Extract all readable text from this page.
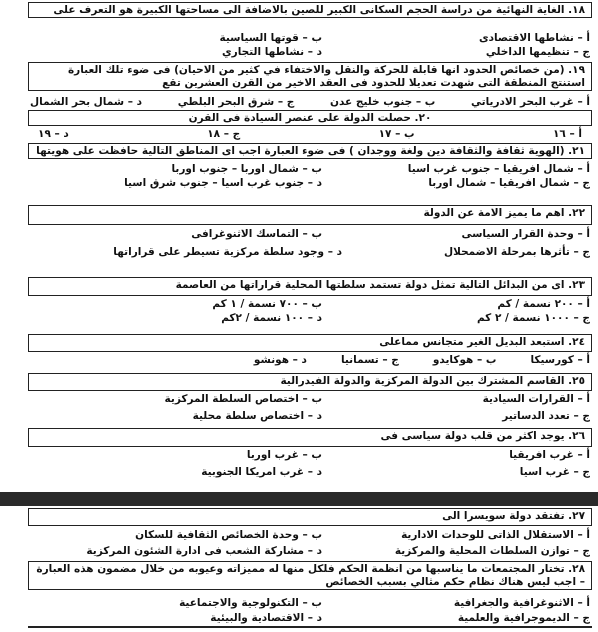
١٨. الغاية النهائية من دراسة الحجم السكانى الكبير للصين بالاضافة الى مساحتها الكبيرة هو التعرف على
أ – نشاطها الاقتصادى
ب – قوتها السياسية
ج – تنظيمها الداخلي
د – نشاطها التجاري
١٩. (من خصائص الحدود انها قابلة للحركة والنقل والاختفاء في كثير من الاحيان) فى ضوء تلك العبارة استنتج المنطقة التى شهدت تعديلا للحدود فى العقد الاخير من القرن العشرين تقع
أ – غرب البحر الادرياتي
ب – جنوب خليج عدن
ج – شرق البحر البلطي
د – شمال بحر الشمال
٢٠. حصلت الدولة على عنصر السيادة فى القرن
أ – ١٦
ب – ١٧
ج – ١٨
د – ١٩
٢١. (الهوية ثقافة والثقافة دين ولغة ووجدان ) فى ضوء العبارة اجب اى المناطق التالية حافظت على هويتها
أ – شمال افريقيا – جنوب غرب اسيا
ب – شمال اوربا – جنوب اوربا
ج – شمال افريقيا – شمال اوربا
د – جنوب غرب اسيا – جنوب شرق اسيا
٢٢. اهم ما يميز الامة عن الدولة
أ – وحدة القرار السياسى
ب – التماسك الاثنوغرافى
ج – تأثرها بمرحلة الاضمحلال
د – وجود سلطة مركزية تسيطر على قراراتها
٢٣. اى من البدائل التالية تمثل دولة تستمد سلطتها المحلية قراراتها من العاصمة
أ – ٢٠٠ نسمة / كم
ب – ٧٠٠ نسمة / ١ كم
ج – ١٠٠٠ نسمة / ٢ كم
د – ١٠٠ نسمة / ٢كم
٢٤. استبعد البديل الغير متجانس مماعلى
أ – كورسيكا
ب – هوكايدو
ج – تسمانيا
د – هونشو
٢٥. القاسم المشترك بين الدولة المركزية والدولة الفيدرالية
أ – القرارات السيادية
ب – اختصاص السلطة المركزية
ج – تعدد الدساتير
د – اختصاص سلطة محلية
٢٦. يوجد اكثر من قلب دولة سياسى فى
أ – غرب افريقيا
ب – غرب اوربا
ج – غرب اسيا
د – غرب امريكا الجنوبية
٢٧. تفتقد دولة سويسرا الى
أ – الاستقلال الذاتى للوحدات الادارية
ب – وحدة الخصائص الثقافية للسكان
ج – توازن السلطات المحلية والمركزية
د – مشاركة الشعب فى ادارة الشئون المركزية
٢٨. تختار المجتمعات ما يناسبها من انظمة الحكم فلكل منها له مميزاته وعيوبه من خلال مضمون هذه العبارة – اجب ليس هناك نظام حكم مثالي بسبب الخصائص
أ – الاثنوغرافية والجغرافية
ب – التكنولوجية والاجتماعية
ج – الديموجرافية والعلمية
د – الاقتصادية والبيئية
